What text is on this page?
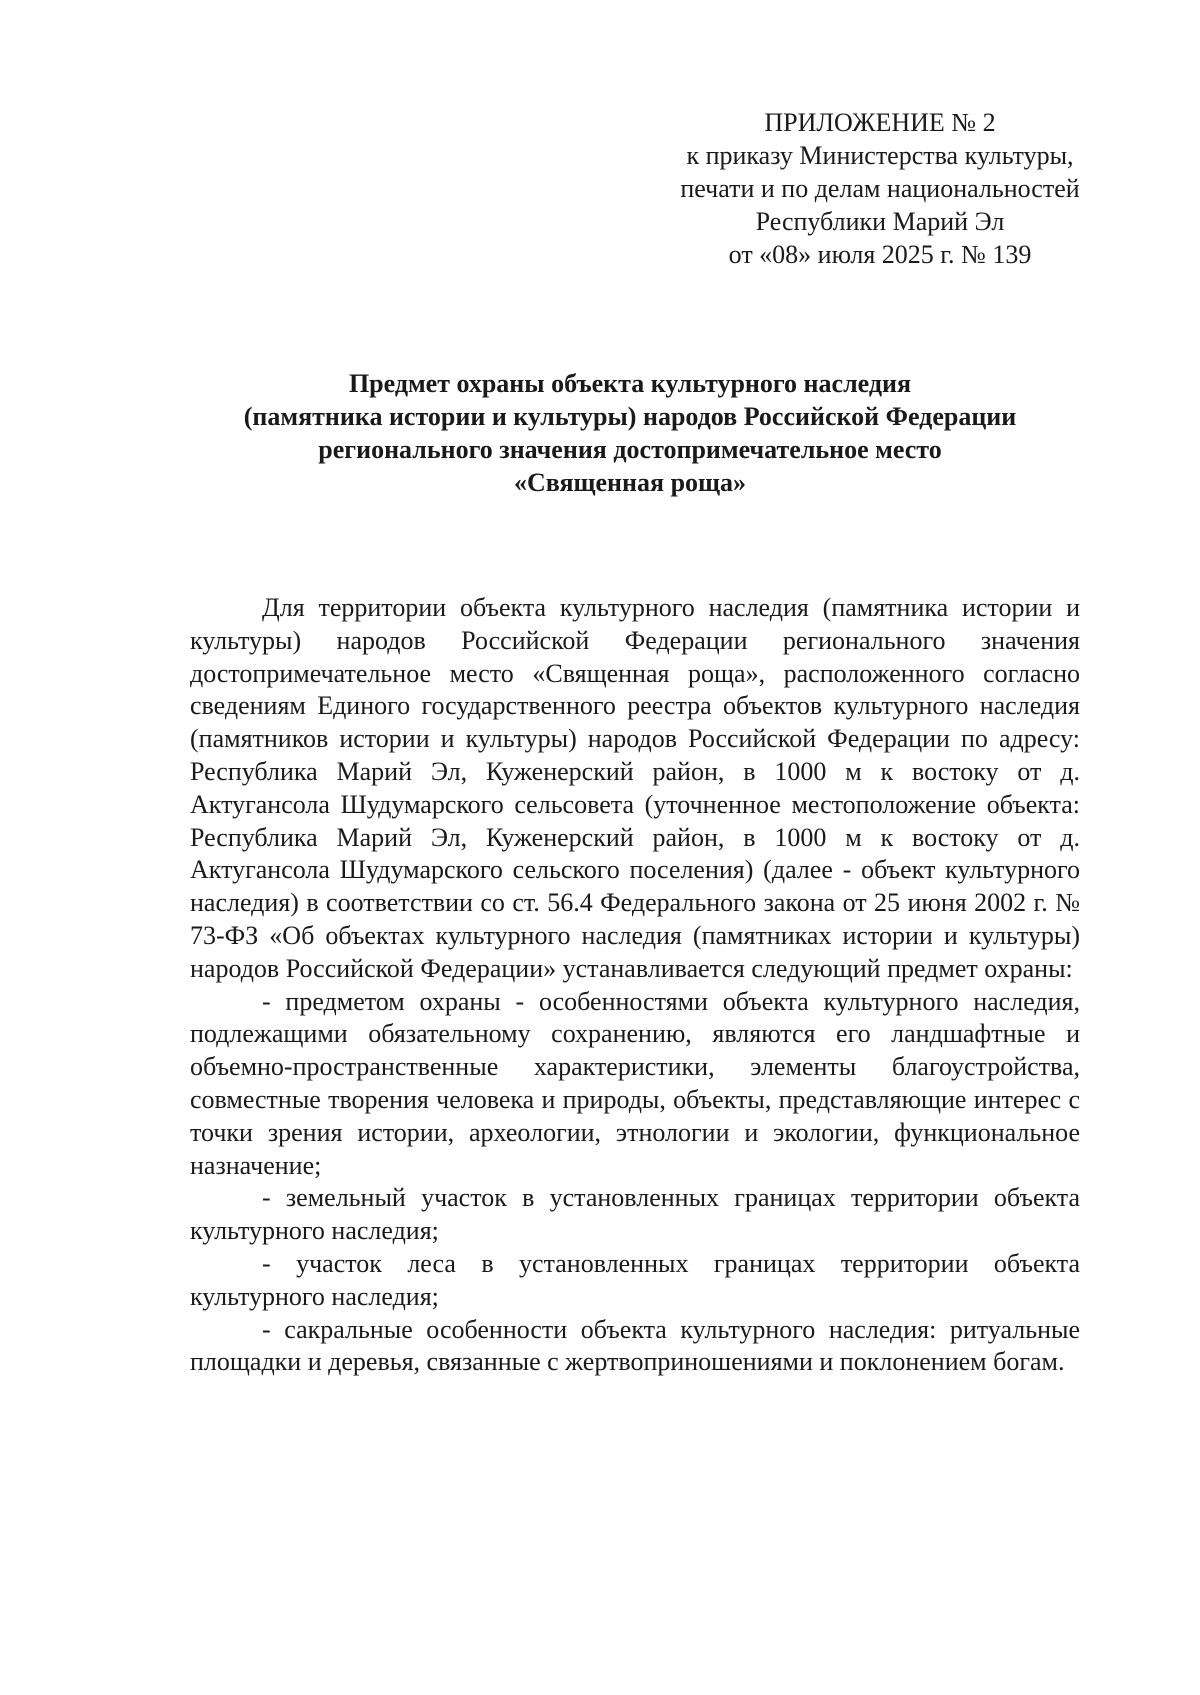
ПРИЛОЖЕНИЕ № 2
к приказу Министерства культуры,
печати и по делам национальностей
Республики Марий Эл
от «08» июля 2025 г. № 139
Предмет охраны объекта культурного наследия
(памятника истории и культуры) народов Российской Федерации
регионального значения достопримечательное место
«Священная роща»

Для территории объекта культурного наследия (памятника истории и культуры) народов Российской Федерации регионального значения достопримечательное место «Священная роща», расположенного согласно сведениям Единого государственного реестра объектов культурного наследия (памятников истории и культуры) народов Российской Федерации по адресу: Республика Марий Эл, Куженерский район, в 1000 м к востоку от д. Актугансола Шудумарского сельсовета (уточненное местоположение объекта: Республика Марий Эл, Куженерский район, в 1000 м к востоку от д. Актугансола Шудумарского сельского поселения) (далее - объект культурного наследия) в соответствии со ст. 56.4 Федерального закона от 25 июня 2002 г. № 73-ФЗ «Об объектах культурного наследия (памятниках истории и культуры) народов Российской Федерации» устанавливается следующий предмет охраны:

- предметом охраны - особенностями объекта культурного наследия, подлежащими обязательному сохранению, являются его ландшафтные и объемно-пространственные характеристики, элементы благоустройства, совместные творения человека и природы, объекты, представляющие интерес с точки зрения истории, археологии, этнологии и экологии, функциональное назначение;

- земельный участок в установленных границах территории объекта культурного наследия;

- участок леса в установленных границах территории объекта культурного наследия;

- сакральные особенности объекта культурного наследия: ритуальные площадки и деревья, связанные с жертвоприношениями и поклонением богам.
